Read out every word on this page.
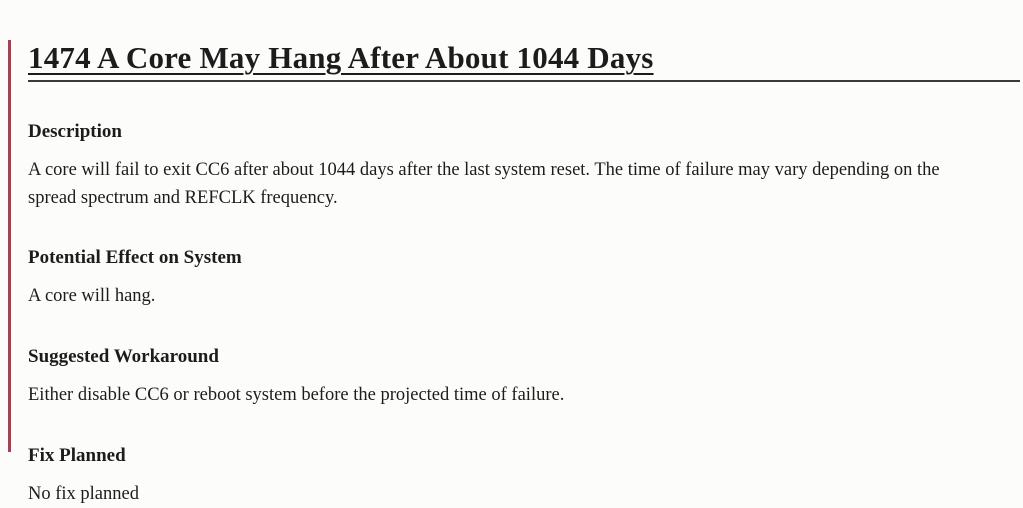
1474 A Core May Hang After About 1044 Days
Description

A core will fail to exit CC6 after about 1044 days after the last system reset. The time of failure may vary depending on the spread spectrum and REFCLK frequency.

Potential Effect on System

A core will hang.

Suggested Workaround

Either disable CC6 or reboot system before the projected time of failure.

Fix Planned

No fix planned
